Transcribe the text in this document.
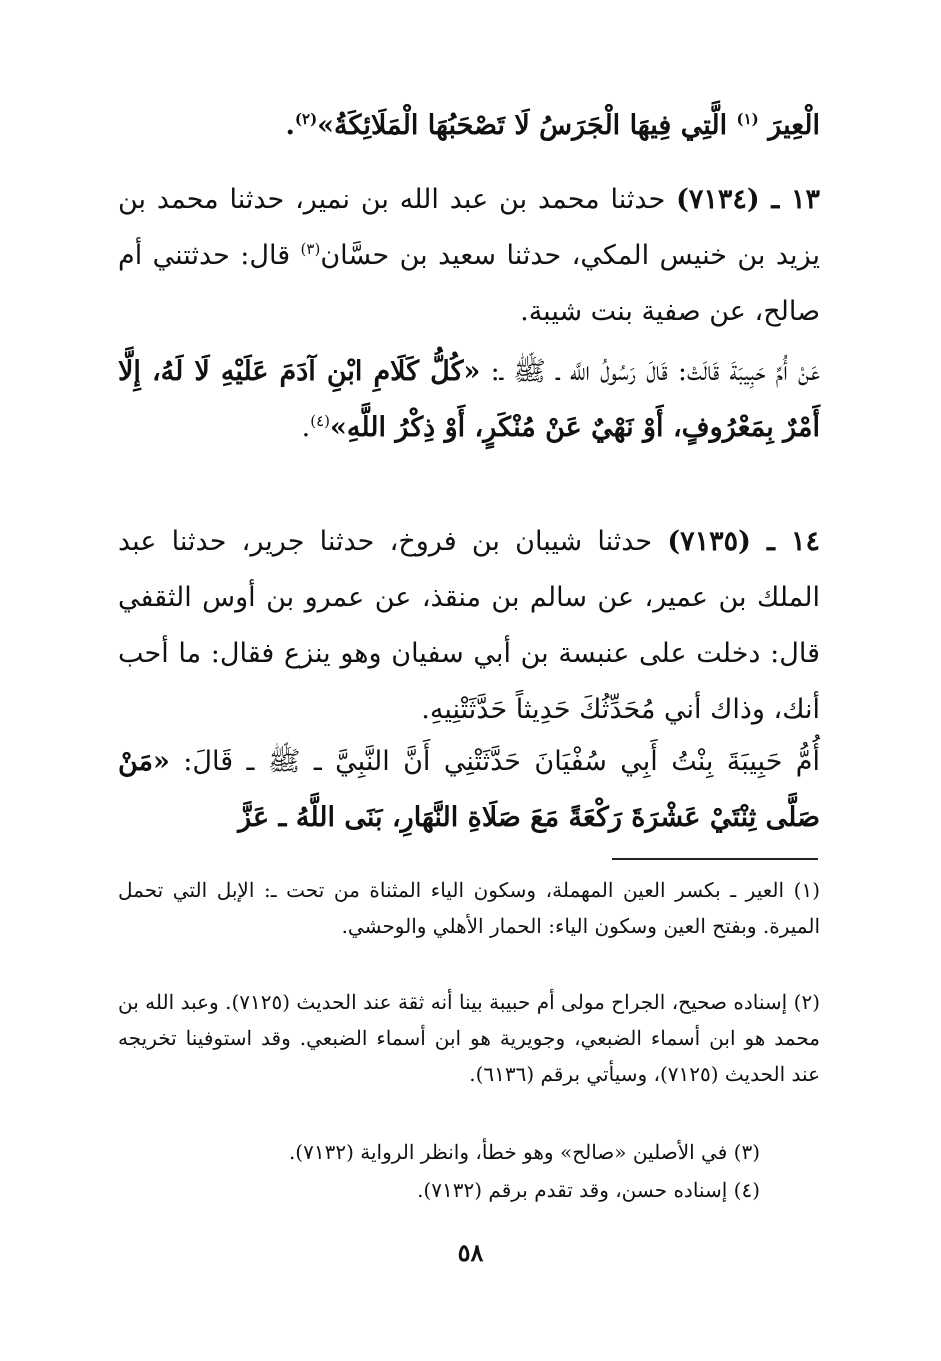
الْعِيرَ $^{(١)}$ الَّتِي فِيهَا الْجَرَسُ لَا تَصْحَبُهَا الْمَلَائِكَةُ»$^{(٢)}$.

١٣ ـ (٧١٣٤) حدثنا محمد بن عبد الله بن نمير، حدثنا محمد بن يزيد بن خنيس المكي، حدثنا سعيد بن حسَّان$^{(٣)}$ قال: حدثتني أم صالح، عن صفية بنت شيبة.

عَنْ أُمِّ حَبِيبَةَ قَالَتْ: قَالَ رَسُولُ اللَّه ـ ﷺ ـ: «كُلُّ كَلَامِ ابْنِ آدَمَ عَلَيْهِ لَا لَهُ، إِلَّا أَمْرٌ بِمَعْرُوفٍ، أَوْ نَهْيٌ عَنْ مُنْكَرٍ، أَوْ ذِكْرُ اللَّهِ»$^{(٤)}$.

١٤ ـ (٧١٣٥) حدثنا شيبان بن فروخ، حدثنا جرير، حدثنا عبد الملك بن عمير، عن سالم بن منقذ، عن عمرو بن أوس الثقفي قال: دخلت على عنبسة بن أبي سفيان وهو ينزع فقال: ما أحب أنك، وذاك أني مُحَدِّثُكَ حَدِيثاً حَدَّثَتْنِيهِ.

أُمُّ حَبِيبَةَ بِنْتُ أَبِي سُفْيَانَ حَدَّثَتْنِي أَنَّ النَّبِيَّ ـ ﷺ ـ قَالَ: «مَنْ صَلَّى ثِنْتَيْ عَشْرَةَ رَكْعَةً مَعَ صَلَاةِ النَّهَارِ، بَنَى اللَّهُ ـ عَزَّ

(١) العير ـ بكسر العين المهملة، وسكون الياء المثناة من تحت ـ: الإبل التي تحمل الميرة. وبفتح العين وسكون الياء: الحمار الأهلي والوحشي.

(٢) إسناده صحيح، الجراح مولى أم حبيبة بينا أنه ثقة عند الحديث (٧١٢٥). وعبد الله بن محمد هو ابن أسماء الضبعي، وجويرية هو ابن أسماء الضبعي. وقد استوفينا تخريجه عند الحديث (٧١٢٥)، وسيأتي برقم (٦١٣٦).

(٣) في الأصلين «صالح» وهو خطأ، وانظر الرواية (٧١٣٢).

(٤) إسناده حسن، وقد تقدم برقم (٧١٣٢).

٥٨
